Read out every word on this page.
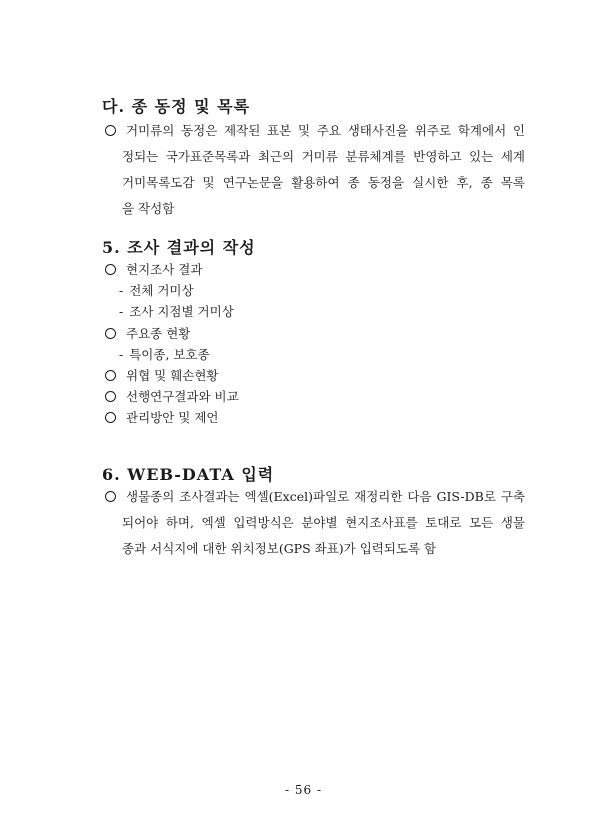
다. 종 동정 및 목록
거미류의 동정은 제작된 표본 및 주요 생태사진을 위주로 학계에서 인
정되는 국가표준목록과 최근의 거미류 분류체계를 반영하고 있는 세계
거미목록도감 및 연구논문을 활용하여 종 동정을 실시한 후, 종 목록
을 작성함
5. 조사 결과의 작성
현지조사 결과
- 전체 거미상
- 조사 지점별 거미상
주요종 현황
- 특이종, 보호종
위협 및 훼손현황
선행연구결과와 비교
관리방안 및 제언
6. WEB-DATA 입력
생물종의 조사결과는 엑셀(Excel)파일로 재정리한 다음 GIS-DB로 구축
되어야 하며, 엑셀 입력방식은 분야별 현지조사표를 토대로 모든 생물
종과 서식지에 대한 위치정보(GPS 좌표)가 입력되도록 함
- 56 -
